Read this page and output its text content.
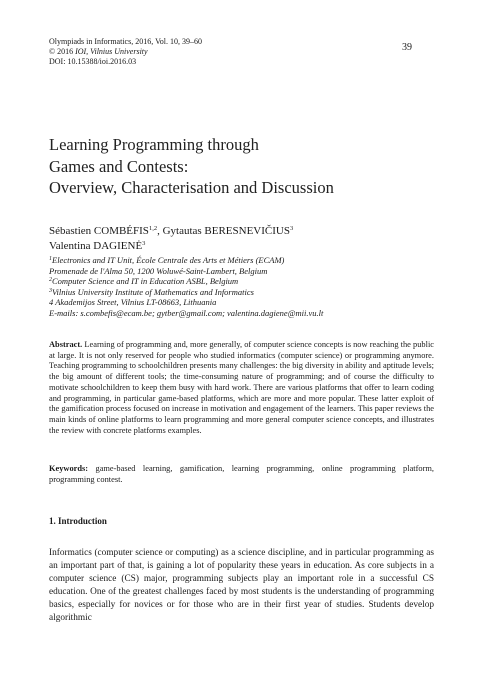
Olympiads in Informatics, 2016, Vol. 10, 39–60
© 2016 IOI, Vilnius University
DOI: 10.15388/ioi.2016.03
39
Learning Programming through
Games and Contests:
Overview, Characterisation and Discussion
Sébastien COMBÉFIS$^{1,2}$, Gytautas BERESNEVIČIUS$^3$
Valentina DAGIENĖ$^3$
$^1$Electronics and IT Unit, École Centrale des Arts et Métiers (ECAM)
Promenade de l'Alma 50, 1200 Woluwé-Saint-Lambert, Belgium
$^2$Computer Science and IT in Education ASBL, Belgium
$^3$Vilnius University Institute of Mathematics and Informatics
4 Akademijos Street, Vilnius LT-08663, Lithuania
E-mails: s.combefis@ecam.be; gytber@gmail.com; valentina.dagiene@mii.vu.lt
Abstract. Learning of programming and, more generally, of computer science concepts is now reaching the public at large. It is not only reserved for people who studied informatics (computer science) or programming anymore. Teaching programming to schoolchildren presents many challenges: the big diversity in ability and aptitude levels; the big amount of different tools; the time-consuming nature of programming; and of course the difficulty to motivate schoolchildren to keep them busy with hard work. There are various platforms that offer to learn coding and programming, in particular game-based platforms, which are more and more popular. These latter exploit of the gamification process focused on increase in motivation and engagement of the learners. This paper reviews the main kinds of online platforms to learn programming and more general computer science concepts, and illustrates the review with concrete platforms examples.
Keywords: game-based learning, gamification, learning programming, online programming platform, programming contest.
1. Introduction
Informatics (computer science or computing) as a science discipline, and in particular programming as an important part of that, is gaining a lot of popularity these years in education. As core subjects in a computer science (CS) major, programming subjects play an important role in a successful CS education. One of the greatest challenges faced by most students is the understanding of programming basics, especially for novices or for those who are in their first year of studies. Students develop algorithmic
